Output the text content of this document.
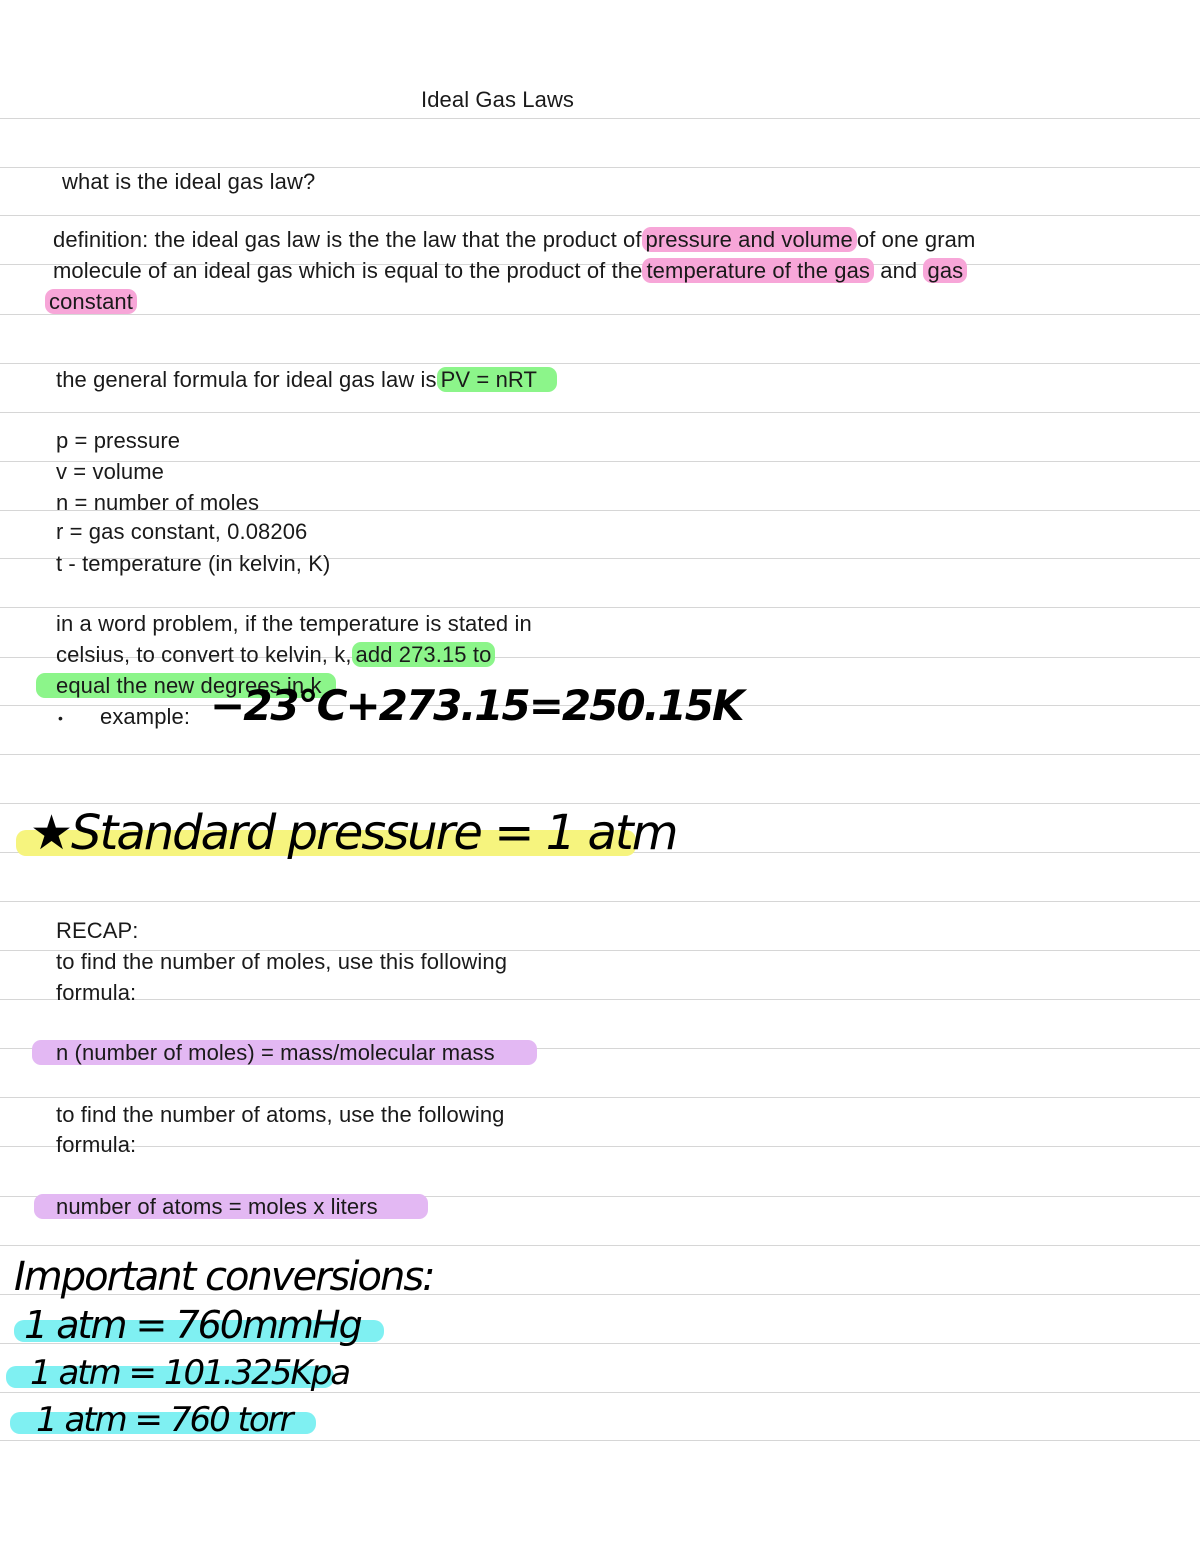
Ideal Gas Laws
what is the ideal gas law?
definition: the ideal gas law is the the law that the product of pressure and volume of one gram
molecule of an ideal gas which is equal to the product of the temperature of the gas and gas
constant
the general formula for ideal gas law is PV = nRT
p = pressure
v = volume
n = number of moles
r = gas constant, 0.08206
t - temperature (in kelvin, K)
in a word problem, if the temperature is stated in
celsius, to convert to kelvin, k, add 273.15 to
equal the new degrees in k
• example: −23°C+273.15=250.15K
★Standard pressure = 1 atm
RECAP:
to find the number of moles, use this following
formula:
n (number of moles) = mass/molecular mass
to find the number of atoms, use the following
formula:
number of atoms = moles x liters
Important conversions:
1 atm = 760mmHg
1 atm = 101.325Kpa
1 atm = 760 torr
